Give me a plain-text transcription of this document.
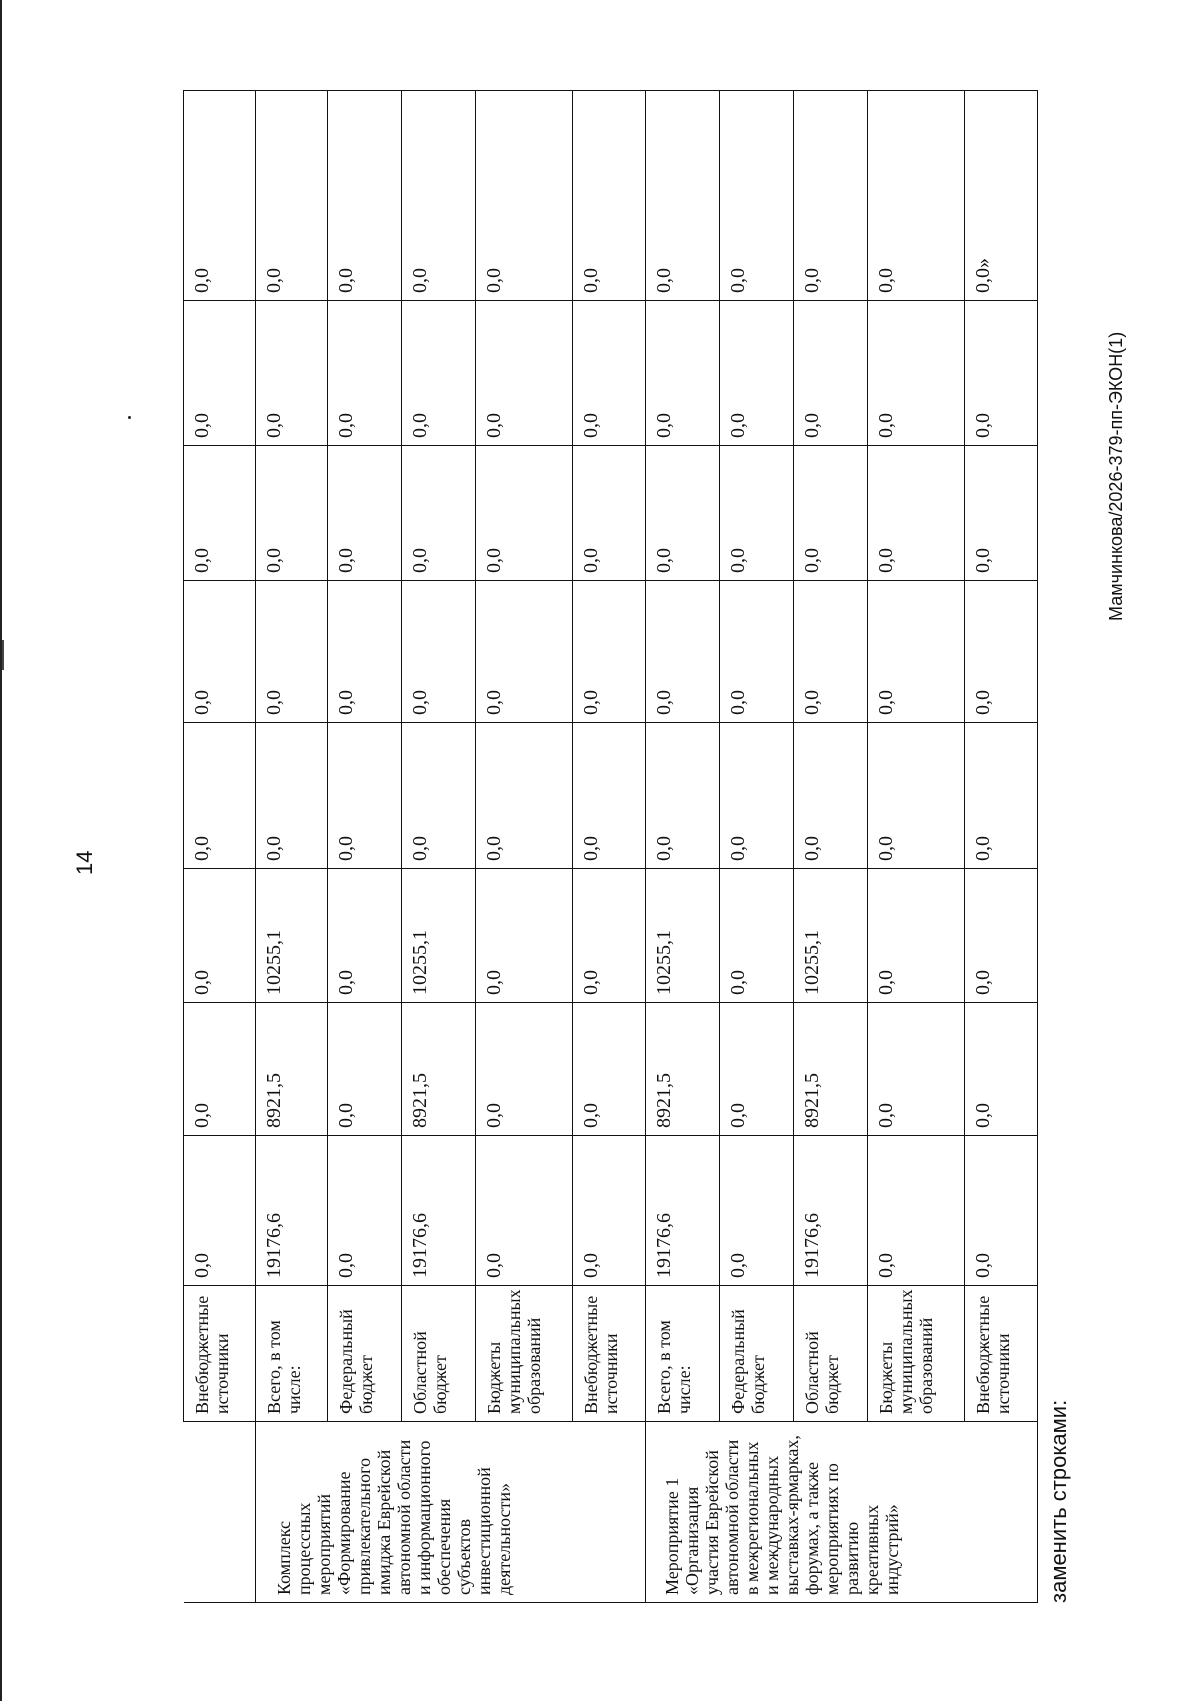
14
	Внебюджетные источники	0,0	0,0	0,0	0,0	0,0	0,0	0,0	0,0
Комплекс процессных мероприятий «Формирование привлекательного имиджа Еврейской автономной области и информационного обеспечения субъектов инвестиционной деятельности»	Всего, в том числе:	19176,6	8921,5	10255,1	0,0	0,0	0,0	0,0	0,0
	Федеральный бюджет	0,0	0,0	0,0	0,0	0,0	0,0	0,0	0,0
	Областной бюджет	19176,6	8921,5	10255,1	0,0	0,0	0,0	0,0	0,0
	Бюджеты муниципальных образований	0,0	0,0	0,0	0,0	0,0	0,0	0,0	0,0
	Внебюджетные источники	0,0	0,0	0,0	0,0	0,0	0,0	0,0	0,0
Мероприятие 1 «Организация участия Еврейской автономной области в межрегиональных и международных выставках-ярмарках, форумах, а также мероприятиях по развитию креативных индустрий»	Всего, в том числе:	19176,6	8921,5	10255,1	0,0	0,0	0,0	0,0	0,0
	Федеральный бюджет	0,0	0,0	0,0	0,0	0,0	0,0	0,0	0,0
	Областной бюджет	19176,6	8921,5	10255,1	0,0	0,0	0,0	0,0	0,0
	Бюджеты муниципальных образований	0,0	0,0	0,0	0,0	0,0	0,0	0,0	0,0
	Внебюджетные источники	0,0	0,0	0,0	0,0	0,0	0,0	0,0	0,0»
заменить строками:
Мамчинкова/2026-379-пп-ЭКОН(1)
